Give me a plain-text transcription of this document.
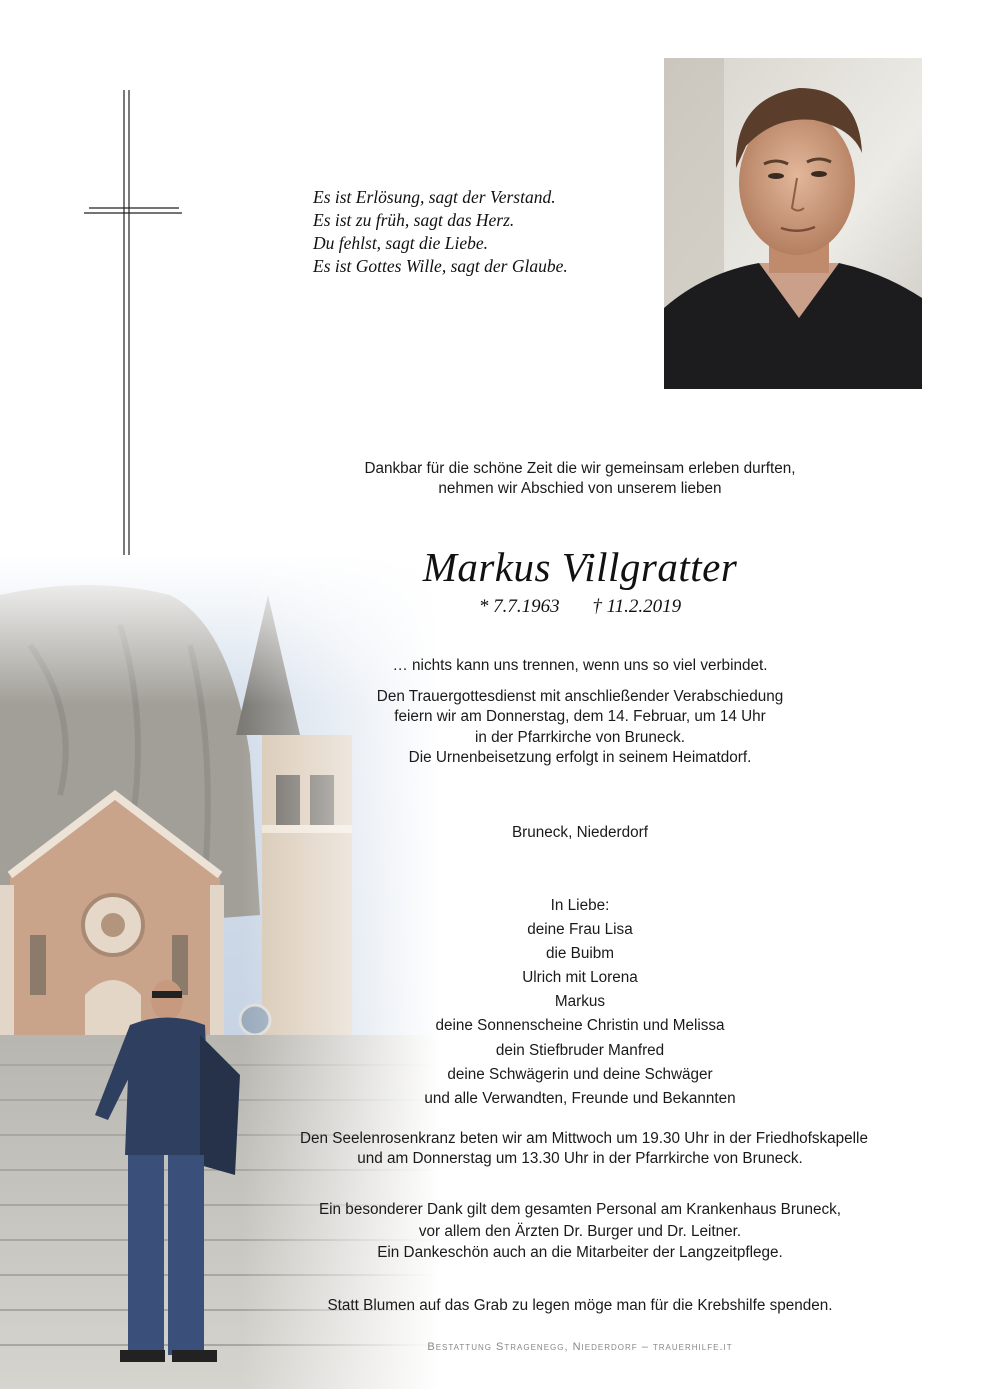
Es ist Erlösung, sagt der Verstand.
Es ist zu früh, sagt das Herz.
Du fehlst, sagt die Liebe.
Es ist Gottes Wille, sagt der Glaube.
Dankbar für die schöne Zeit die wir gemeinsam erleben durften,
nehmen wir Abschied von unserem lieben
Markus Villgratter
* 7.7.1963 † 11.2.2019
… nichts kann uns trennen, wenn uns so viel verbindet.
Den Trauergottesdienst mit anschließender Verabschiedung
feiern wir am Donnerstag, dem 14. Februar, um 14 Uhr
in der Pfarrkirche von Bruneck.
Die Urnenbeisetzung erfolgt in seinem Heimatdorf.
Bruneck, Niederdorf
In Liebe:
deine Frau Lisa
die Buibm
Ulrich mit Lorena
Markus
deine Sonnenscheine Christin und Melissa
dein Stiefbruder Manfred
deine Schwägerin und deine Schwäger
und alle Verwandten, Freunde und Bekannten
Den Seelenrosenkranz beten wir am Mittwoch um 19.30 Uhr in der Friedhofskapelle
und am Donnerstag um 13.30 Uhr in der Pfarrkirche von Bruneck.
Ein besonderer Dank gilt dem gesamten Personal am Krankenhaus Bruneck,
vor allem den Ärzten Dr. Burger und Dr. Leitner.
Ein Dankeschön auch an die Mitarbeiter der Langzeitpflege.
Statt Blumen auf das Grab zu legen möge man für die Krebshilfe spenden.
Bestattung Stragenegg, Niederdorf – trauerhilfe.it
